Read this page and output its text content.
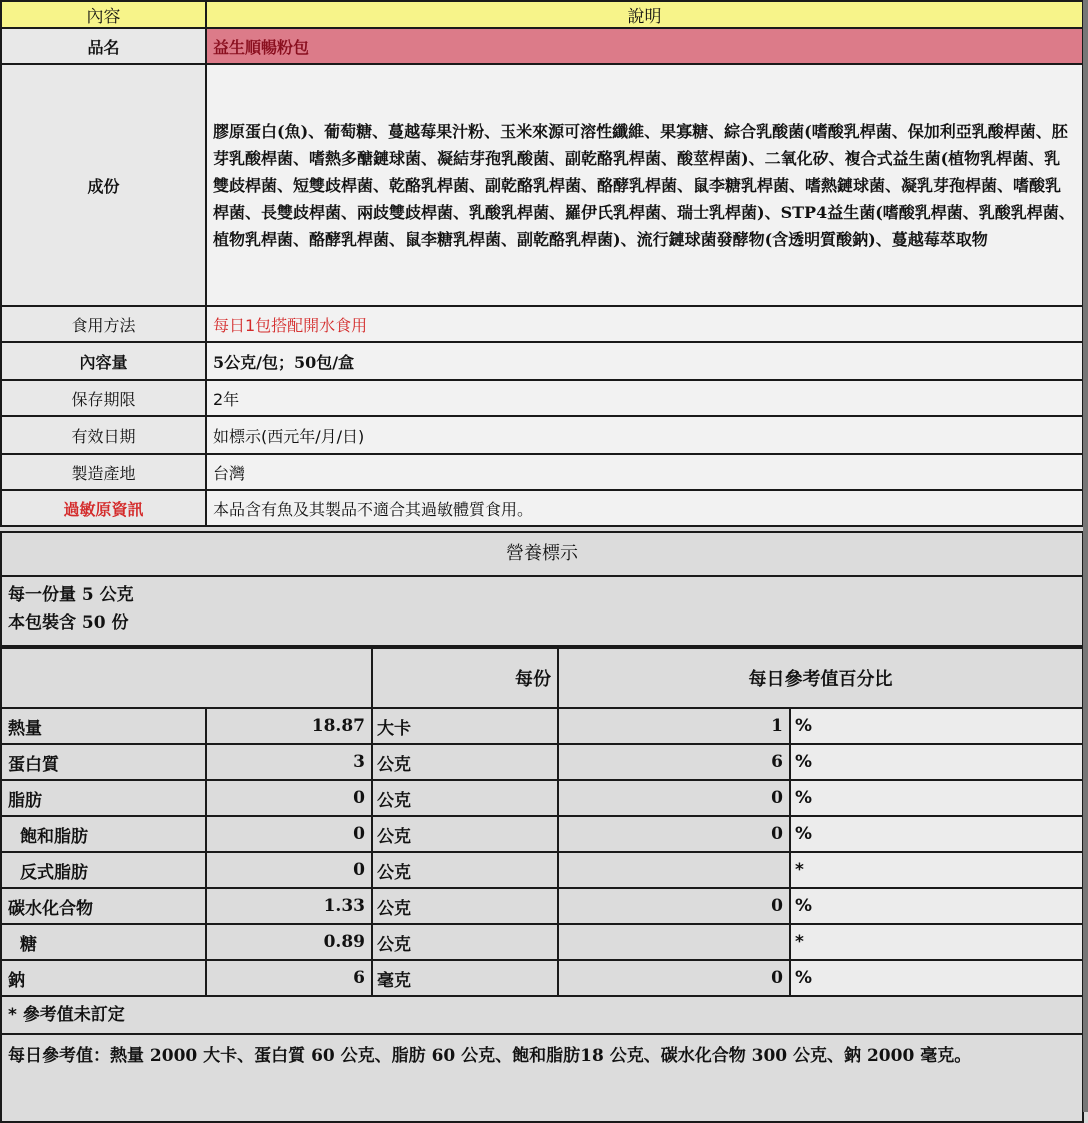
內容	說明
品名	益生順暢粉包
成份	膠原蛋白(魚)、葡萄糖、蔓越莓果汁粉、玉米來源可溶性纖維、果寡糖、綜合乳酸菌(嗜酸乳桿菌、保加利亞乳酸桿菌、胚芽乳酸桿菌、嗜熱多醣鏈球菌、凝結芽孢乳酸菌、副乾酪乳桿菌、酸莖桿菌)、二氧化矽、複合式益生菌(植物乳桿菌、乳雙歧桿菌、短雙歧桿菌、乾酪乳桿菌、副乾酪乳桿菌、酪酵乳桿菌、鼠李糖乳桿菌、嗜熱鏈球菌、凝乳芽孢桿菌、嗜酸乳桿菌、長雙歧桿菌、兩歧雙歧桿菌、乳酸乳桿菌、羅伊氏乳桿菌、瑞士乳桿菌)、STP4益生菌(嗜酸乳桿菌、乳酸乳桿菌、植物乳桿菌、酪酵乳桿菌、鼠李糖乳桿菌、副乾酪乳桿菌)、流行鏈球菌發酵物(含透明質酸鈉)、蔓越莓萃取物
食用方法	每日1包搭配開水食用
內容量	5公克/包；50包/盒
保存期限	2年
有效日期	如標示(西元年/月/日)
製造產地	台灣
過敏原資訊	本品含有魚及其製品不適合其過敏體質食用。
營養標示
每一份量 5 公克
本包裝含 50 份
		每份	每日參考值百分比	
熱量	18.87	大卡	1	%
蛋白質	3	公克	6	%
脂肪	0	公克	0	%
飽和脂肪	0	公克	0	%
反式脂肪	0	公克		*
碳水化合物	1.33	公克	0	%
糖	0.89	公克		*
鈉	6	毫克	0	%
* 參考值未訂定
每日參考值：熱量 2000 大卡、蛋白質 60 公克、脂肪 60 公克、飽和脂肪18 公克、碳水化合物 300 公克、鈉 2000 毫克。
